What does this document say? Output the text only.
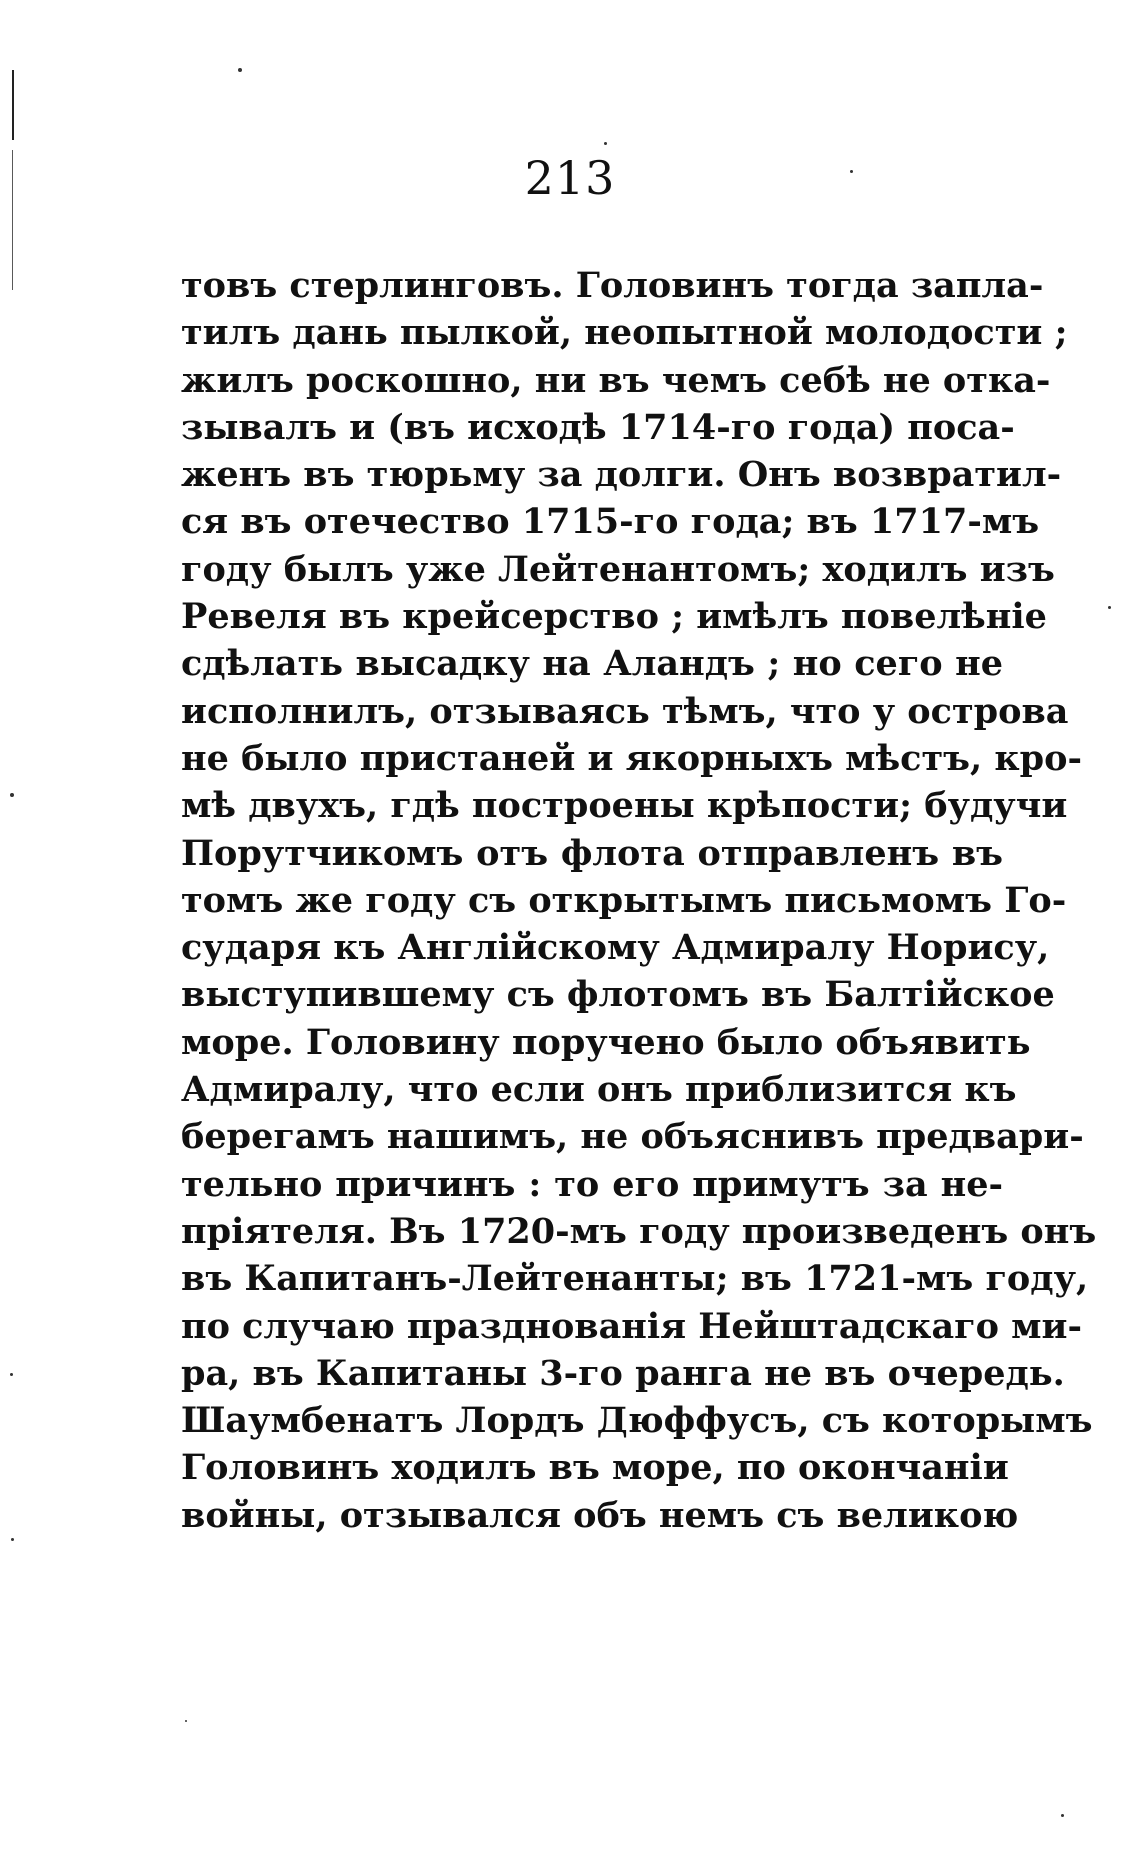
213
товъ стерлинговъ. Головинъ тогда запла-
тилъ дань пылкой, неопытной молодости ;
жилъ роскошно, ни въ чемъ себѣ не отка-
зывалъ и (въ исходѣ 1714-го года) поса-
женъ въ тюрьму за долги. Онъ возвратил-
ся въ отечество 1715-го года; въ 1717-мъ
году былъ уже Лейтенантомъ; ходилъ изъ
Ревеля въ крейсерство ; имѣлъ повелѣніе
сдѣлать высадку на Аландъ ; но сего не
исполнилъ, отзываясь тѣмъ, что у острова
не было пристаней и якорныхъ мѣстъ, кро-
мѣ двухъ, гдѣ построены крѣпости; будучи
Порутчикомъ отъ флота отправленъ въ
томъ же году съ открытымъ письмомъ Го-
сударя къ Англійскому Адмиралу Норису,
выступившему съ флотомъ въ Балтійское
море. Головину поручено было объявить
Адмиралу, что если онъ приблизится къ
берегамъ нашимъ, не объяснивъ предвари-
тельно причинъ : то его примутъ за не-
пріятеля. Въ 1720-мъ году произведенъ онъ
въ Капитанъ-Лейтенанты; въ 1721-мъ году,
по случаю празднованія Нейштадскаго ми-
ра, въ Капитаны 3-го ранга не въ очередь.
Шаумбенатъ Лордъ Дюффусъ, съ которымъ
Головинъ ходилъ въ море, по окончаніи
войны, отзывался объ немъ съ великою
